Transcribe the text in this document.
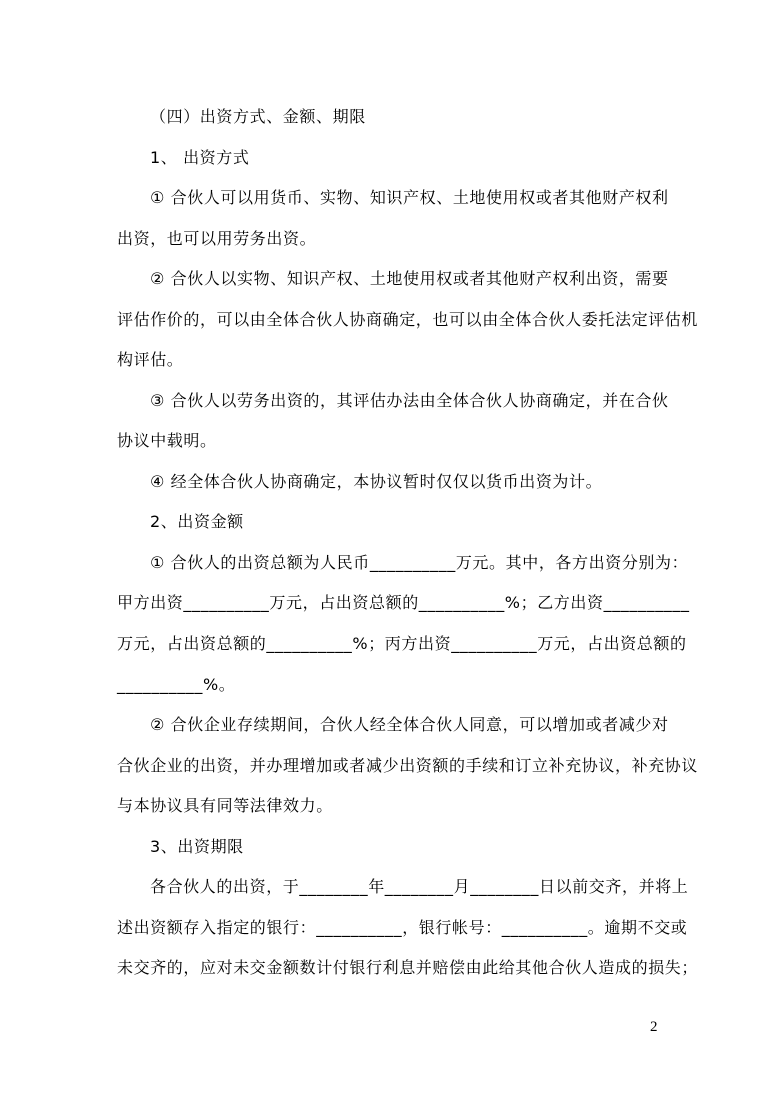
（四）出资方式、金额、期限
1、 出资方式
① 合伙人可以用货币、实物、知识产权、土地使用权或者其他财产权利
出资，也可以用劳务出资。
② 合伙人以实物、知识产权、土地使用权或者其他财产权利出资，需要
评估作价的，可以由全体合伙人协商确定，也可以由全体合伙人委托法定评估机
构评估。
③ 合伙人以劳务出资的，其评估办法由全体合伙人协商确定，并在合伙
协议中载明。
④ 经全体合伙人协商确定，本协议暂时仅仅以货币出资为计。
2、出资金额
① 合伙人的出资总额为人民币__________万元。其中，各方出资分别为：
甲方出资__________万元，占出资总额的__________%；乙方出资__________
万元，占出资总额的__________%；丙方出资__________万元，占出资总额的
__________%。
② 合伙企业存续期间，合伙人经全体合伙人同意，可以增加或者减少对
合伙企业的出资，并办理增加或者减少出资额的手续和订立补充协议，补充协议
与本协议具有同等法律效力。
3、出资期限
各合伙人的出资，于________年________月________日以前交齐，并将上
述出资额存入指定的银行：__________，银行帐号：__________。逾期不交或
未交齐的，应对未交金额数计付银行利息并赔偿由此给其他合伙人造成的损失；
2
